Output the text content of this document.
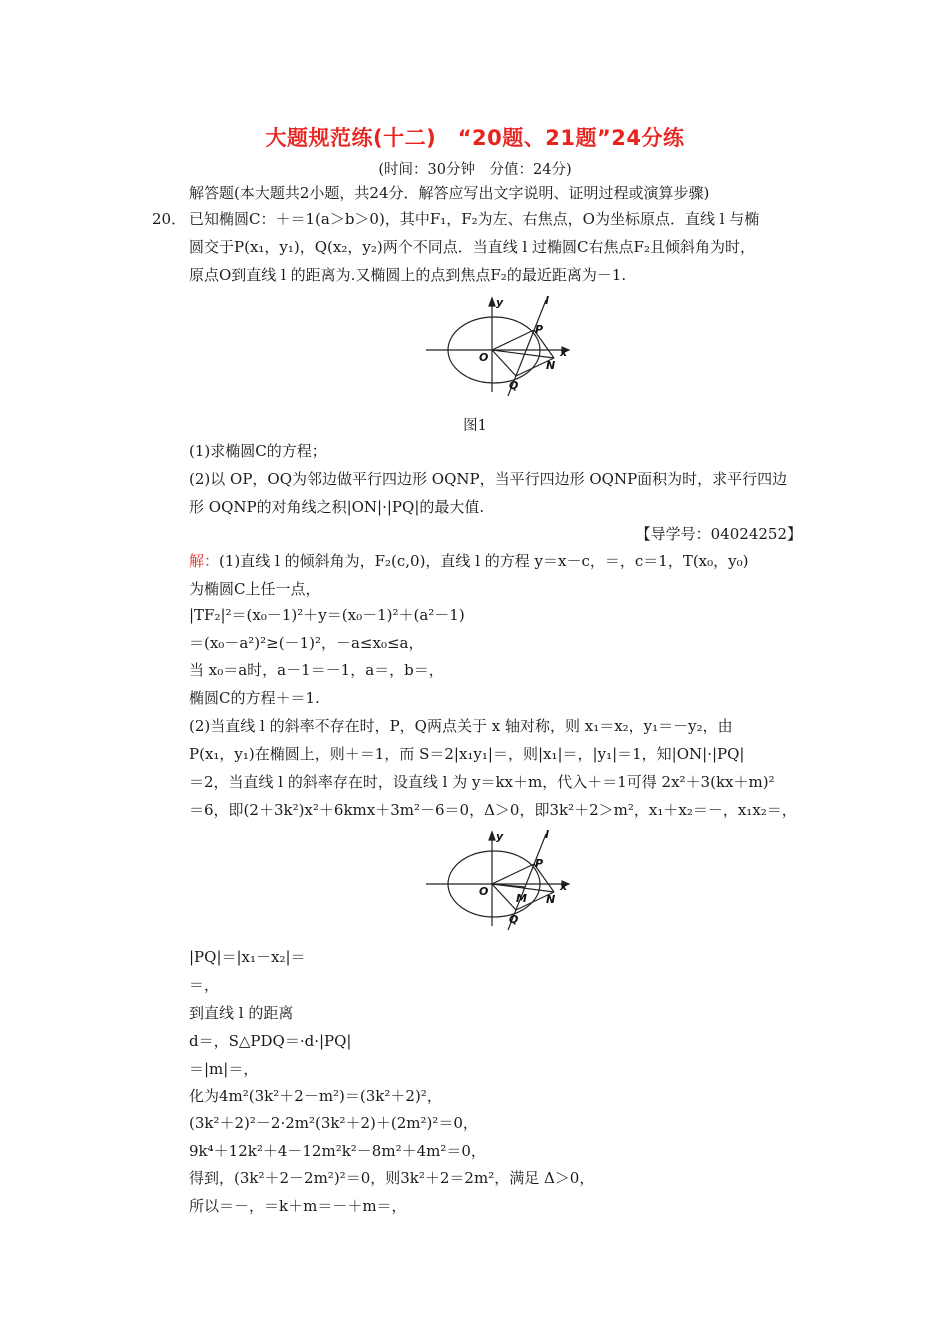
大题规范练(十二)　“20题、21题”24分练
(时间：30分钟　分值：24分)
解答题(本大题共2小题，共24分．解答应写出文字说明、证明过程或演算步骤)
20． 已知椭圆C：＋＝1(a＞b＞0)，其中F₁，F₂为左、右焦点，O为坐标原点．直线 l 与椭
圆交于P(x₁，y₁)，Q(x₂，y₂)两个不同点．当直线 l 过椭圆C右焦点F₂且倾斜角为时，
原点O到直线 l 的距离为.又椭圆上的点到焦点F₂的最近距离为－1.
y	l
P
O	x
N
Q
图1
(1)求椭圆C的方程；
(2)以 OP，OQ为邻边做平行四边形 OQNP，当平行四边形 OQNP面积为时，求平行四边
形 OQNP的对角线之积|ON|·|PQ|的最大值.
【导学号：04024252】
解：(1)直线 l 的倾斜角为，F₂(c,0)，直线 l 的方程 y＝x－c，＝，c＝1，T(x₀，y₀)
为椭圆C上任一点，
|TF₂|²＝(x₀－1)²＋y＝(x₀－1)²＋(a²－1)
＝(x₀－a²)²≥(－1)²，－a≤x₀≤a，
当 x₀＝a时，a－1＝－1，a＝，b＝，
椭圆C的方程＋＝1.
(2)当直线 l 的斜率不存在时，P，Q两点关于 x 轴对称，则 x₁＝x₂，y₁＝－y₂，由
P(x₁，y₁)在椭圆上，则＋＝1，而 S＝2|x₁y₁|＝，则|x₁|＝，|y₁|＝1，知|ON|·|PQ|
＝2，当直线 l 的斜率存在时，设直线 l 为 y＝kx＋m，代入＋＝1可得 2x²＋3(kx＋m)²
＝6，即(2＋3k²)x²＋6kmx＋3m²－6＝0，Δ＞0，即3k²＋2＞m²，x₁＋x₂＝－，x₁x₂＝，
y	l
P
O	x
N
M
Q
|PQ|＝|x₁－x₂|＝
＝，
到直线 l 的距离
d＝，S△PDQ＝·d·|PQ|
＝|m|＝，
化为4m²(3k²＋2－m²)＝(3k²＋2)²，
(3k²＋2)²－2·2m²(3k²＋2)＋(2m²)²＝0，
9k⁴＋12k²＋4－12m²k²－8m²＋4m²＝0，
得到，(3k²＋2－2m²)²＝0，则3k²＋2＝2m²，满足 Δ＞0，
所以＝－，＝k＋m＝－＋m＝，
